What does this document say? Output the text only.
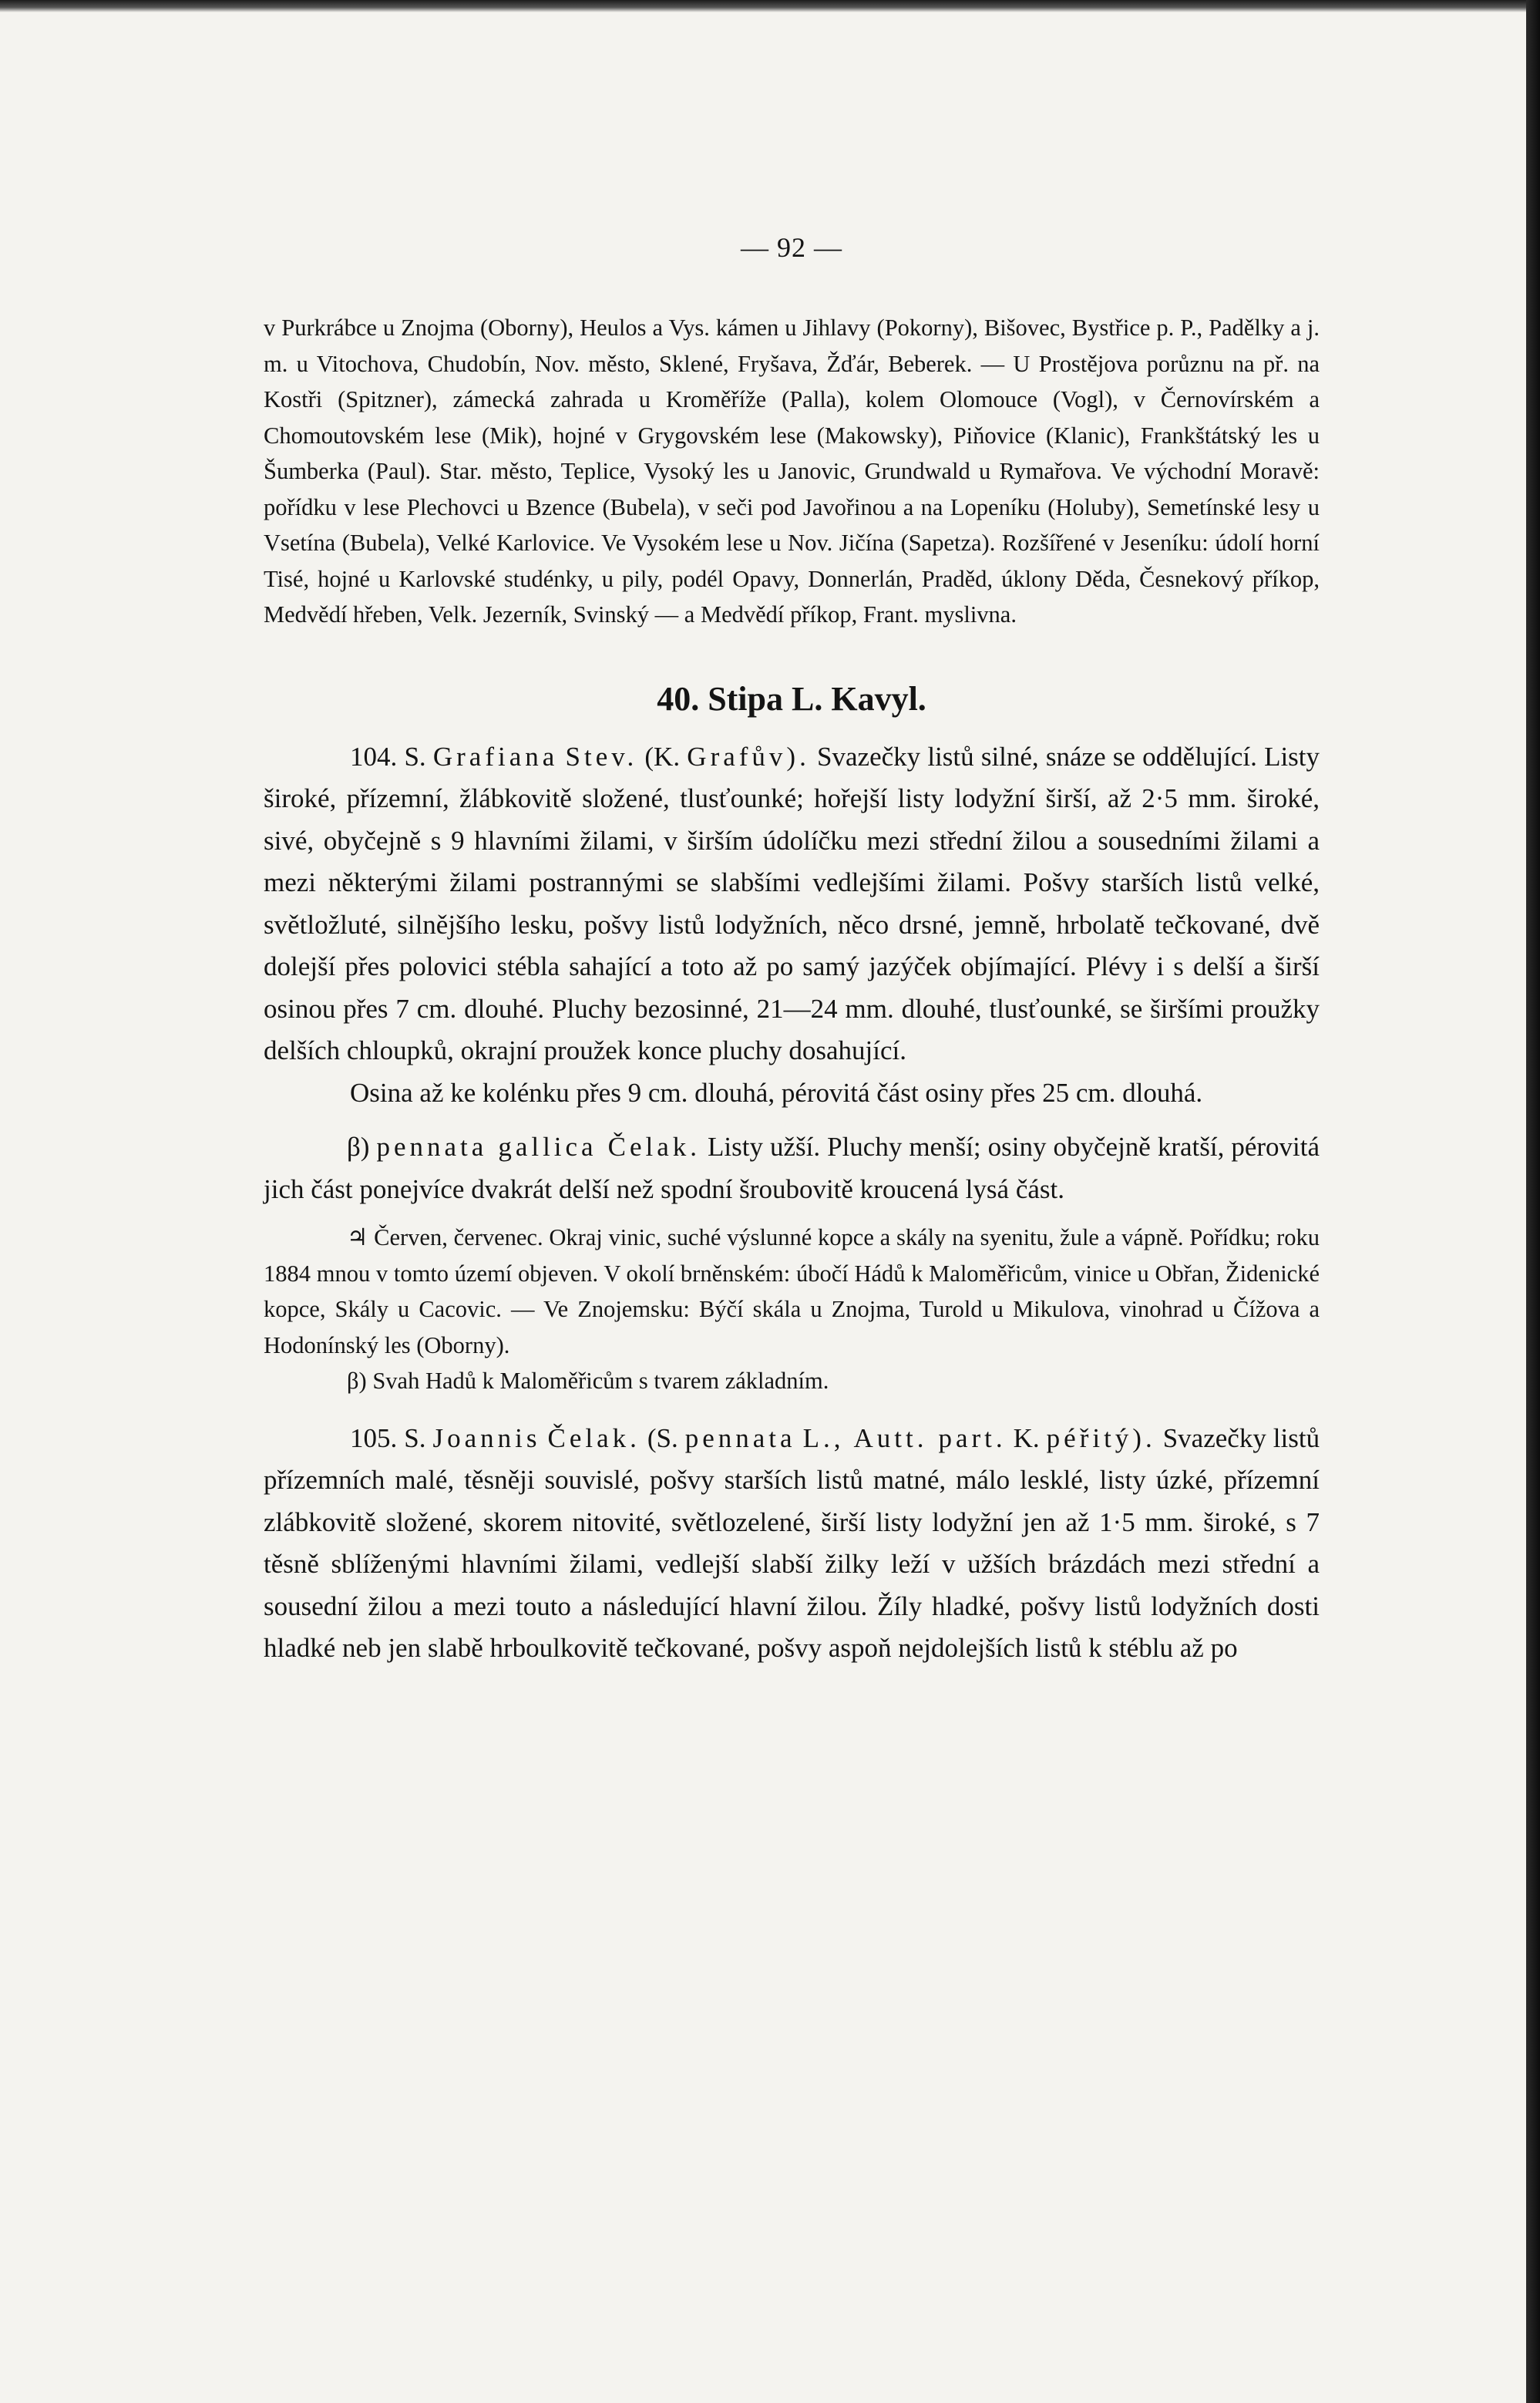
— 92 —

v Purkrábce u Znojma (Oborny), Heulos a Vys. kámen u Jihlavy (Pokorny), Bišovec, Bystřice p. P., Padělky a j. m. u Vitochova, Chudobín, Nov. město, Sklené, Fryšava, Žďár, Beberek. — U Prostějova porůznu na př. na Kostři (Spitzner), zámecká zahrada u Kroměříže (Palla), kolem Olomouce (Vogl), v Černovírském a Chomoutovském lese (Mik), hojné v Grygovském lese (Makowsky), Piňovice (Klanic), Frankštátský les u Šumberka (Paul). Star. město, Teplice, Vysoký les u Janovic, Grundwald u Rymařova. Ve východní Moravě: pořídku v lese Plechovci u Bzence (Bubela), v seči pod Javořinou a na Lopeníku (Holuby), Semetínské lesy u Vsetína (Bubela), Velké Karlovice. Ve Vysokém lese u Nov. Jičína (Sapetza). Rozšířené v Jeseníku: údolí horní Tisé, hojné u Karlovské studénky, u pily, podél Opavy, Donnerlán, Praděd, úklony Děda, Česnekový příkop, Medvědí hřeben, Velk. Jezerník, Svinský — a Medvědí příkop, Frant. myslivna.

40. Stipa L. Kavyl.

104. S. Grafiana Stev. (K. Grafův). Svazečky listů silné, snáze se oddělující. Listy široké, přízemní, žlábkovitě složené, tlusťounké; hořejší listy lodyžní širší, až 2·5 mm. široké, sivé, obyčejně s 9 hlavními žilami, v širším údolíčku mezi střední žilou a sousedními žilami a mezi některými žilami postrannými se slabšími vedlejšími žilami. Pošvy starších listů velké, světložluté, silnějšího lesku, pošvy listů lodyžních, něco drsné, jemně, hrbolatě tečkované, dvě dolejší přes polovici stébla sahající a toto až po samý jazýček objímající. Plévy i s delší a širší osinou přes 7 cm. dlouhé. Pluchy bezosinné, 21—24 mm. dlouhé, tlusťounké, se širšími proužky delších chloupků, okrajní proužek konce pluchy dosahující.

Osina až ke kolénku přes 9 cm. dlouhá, pérovitá část osiny přes 25 cm. dlouhá.

β) pennata gallica Čelak. Listy užší. Pluchy menší; osiny obyčejně kratší, pérovitá jich část ponejvíce dvakrát delší než spodní šroubovitě kroucená lysá část.

♃ Červen, červenec. Okraj vinic, suché výslunné kopce a skály na syenitu, žule a vápně. Pořídku; roku 1884 mnou v tomto území objeven. V okolí brněnském: úbočí Hádů k Maloměřicům, vinice u Obřan, Židenické kopce, Skály u Cacovic. — Ve Znojemsku: Býčí skála u Znojma, Turold u Mikulova, vinohrad u Čížova a Hodonínský les (Oborny).

β) Svah Hadů k Maloměřicům s tvarem základním.

105. S. Joannis Čelak. (S. pennata L., Autt. part. K. péřitý). Svazečky listů přízemních malé, těsněji souvislé, pošvy starších listů matné, málo lesklé, listy úzké, přízemní zlábkovitě složené, skorem nitovité, světlozelené, širší listy lodyžní jen až 1·5 mm. široké, s 7 těsně sblíženými hlavními žilami, vedlejší slabší žilky leží v užších brázdách mezi střední a sousední žilou a mezi touto a následující hlavní žilou. Žíly hladké, pošvy listů lodyžních dosti hladké neb jen slabě hrboulkovitě tečkované, pošvy aspoň nejdolejších listů k stéblu až po
